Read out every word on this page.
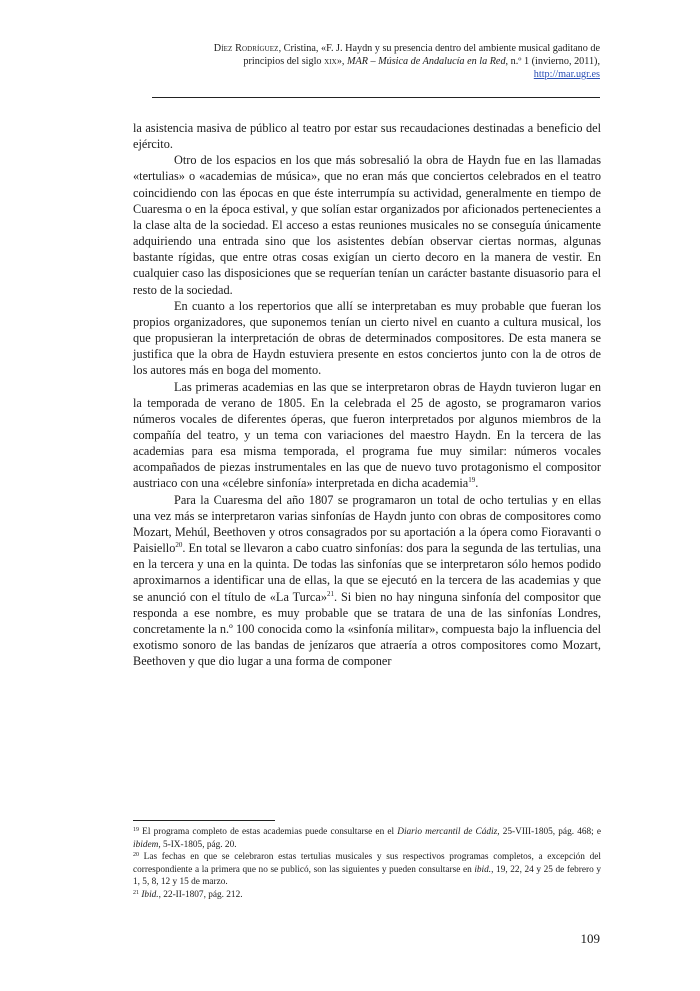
Díez Rodríguez, Cristina, «F. J. Haydn y su presencia dentro del ambiente musical gaditano de
principios del siglo xix», MAR – Música de Andalucía en la Red, n.º 1 (invierno, 2011),
http://mar.ugr.es

la asistencia masiva de público al teatro por estar sus recaudaciones destinadas a beneficio del ejército.

Otro de los espacios en los que más sobresalió la obra de Haydn fue en las llamadas «tertulias» o «academias de música», que no eran más que conciertos celebrados en el teatro coincidiendo con las épocas en que éste interrumpía su actividad, generalmente en tiempo de Cuaresma o en la época estival, y que solían estar organizados por aficionados pertenecientes a la clase alta de la sociedad. El acceso a estas reuniones musicales no se conseguía únicamente adquiriendo una entrada sino que los asistentes debían observar ciertas normas, algunas bastante rígidas, que entre otras cosas exigían un cierto decoro en la manera de vestir. En cualquier caso las disposiciones que se requerían tenían un carácter bastante disuasorio para el resto de la sociedad.

En cuanto a los repertorios que allí se interpretaban es muy probable que fueran los propios organizadores, que suponemos tenían un cierto nivel en cuanto a cultura musical, los que propusieran la interpretación de obras de determinados compositores. De esta manera se justifica que la obra de Haydn estuviera presente en estos conciertos junto con la de otros de los autores más en boga del momento.

Las primeras academias en las que se interpretaron obras de Haydn tuvieron lugar en la temporada de verano de 1805. En la celebrada el 25 de agosto, se programaron varios números vocales de diferentes óperas, que fueron interpretados por algunos miembros de la compañía del teatro, y un tema con variaciones del maestro Haydn. En la tercera de las academias para esa misma temporada, el programa fue muy similar: números vocales acompañados de piezas instrumentales en las que de nuevo tuvo protagonismo el compositor austriaco con una «célebre sinfonía» interpretada en dicha academia$^{19}$.

Para la Cuaresma del año 1807 se programaron un total de ocho tertulias y en ellas una vez más se interpretaron varias sinfonías de Haydn junto con obras de compositores como Mozart, Mehúl, Beethoven y otros consagrados por su aportación a la ópera como Fioravanti o Paisiello$^{20}$. En total se llevaron a cabo cuatro sinfonías: dos para la segunda de las tertulias, una en la tercera y una en la quinta. De todas las sinfonías que se interpretaron sólo hemos podido aproximarnos a identificar una de ellas, la que se ejecutó en la tercera de las academias y que se anunció con el título de «La Turca»$^{21}$. Si bien no hay ninguna sinfonía del compositor que responda a ese nombre, es muy probable que se tratara de una de las sinfonías Londres, concretamente la n.º 100 conocida como la «sinfonía militar», compuesta bajo la influencia del exotismo sonoro de las bandas de jenízaros que atraería a otros compositores como Mozart, Beethoven y que dio lugar a una forma de componer

$^{19}$ El programa completo de estas academias puede consultarse en el Diario mercantil de Cádiz, 25-VIII-1805, pág. 468; e ibidem, 5-IX-1805, pág. 20.

$^{20}$ Las fechas en que se celebraron estas tertulias musicales y sus respectivos programas completos, a excepción del correspondiente a la primera que no se publicó, son las siguientes y pueden consultarse en ibid., 19, 22, 24 y 25 de febrero y 1, 5, 8, 12 y 15 de marzo.

$^{21}$ Ibid., 22-II-1807, pág. 212.

109
